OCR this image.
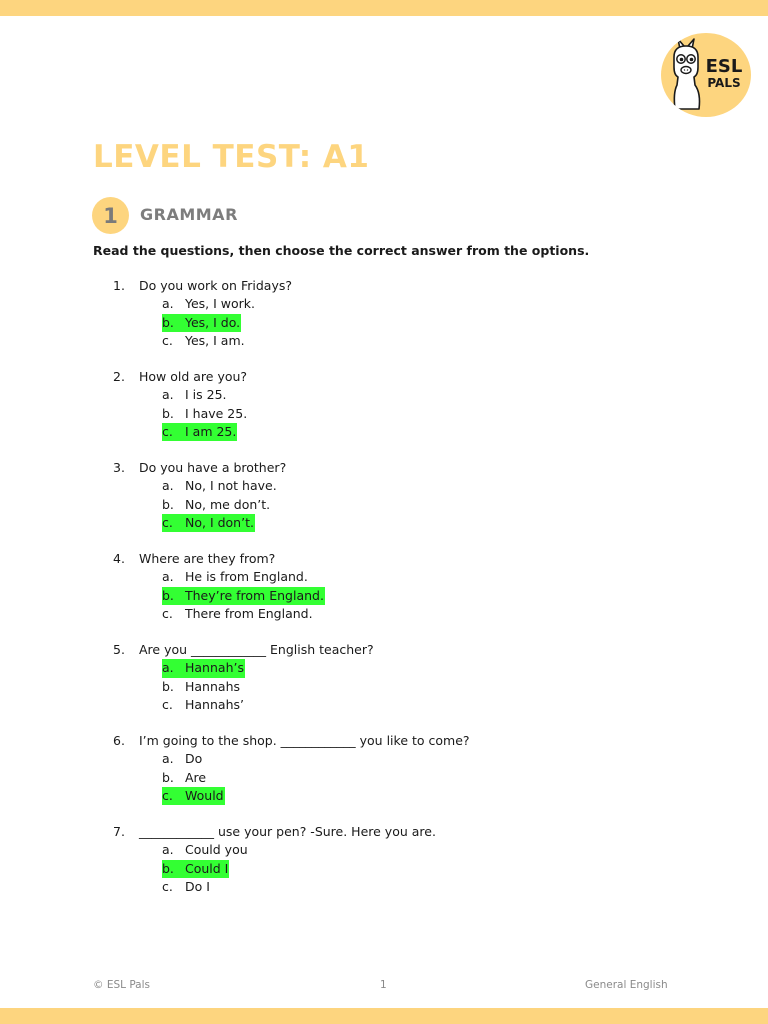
ESL
PALS
LEVEL TEST: A1
1	GRAMMAR
Read the questions, then choose the correct answer from the options.
1.	Do you work on Fridays?
a. Yes, I work.
b. Yes, I do.
c. Yes, I am.
2.	How old are you?
a. I is 25.
b. I have 25.
c. I am 25.
3.	Do you have a brother?
a. No, I not have.
b. No, me don’t.
c. No, I don’t.
4.	Where are they from?
a. He is from England.
b. They’re from England.
c. There from England.
5.	Are you ____________ English teacher?
a. Hannah’s
b. Hannahs
c. Hannahs’
6.	I’m going to the shop. ____________ you like to come?
a. Do
b. Are
c. Would
7.	____________ use your pen? -Sure. Here you are.
a. Could you
b. Could I
c. Do I
© ESL Pals	1	General English
